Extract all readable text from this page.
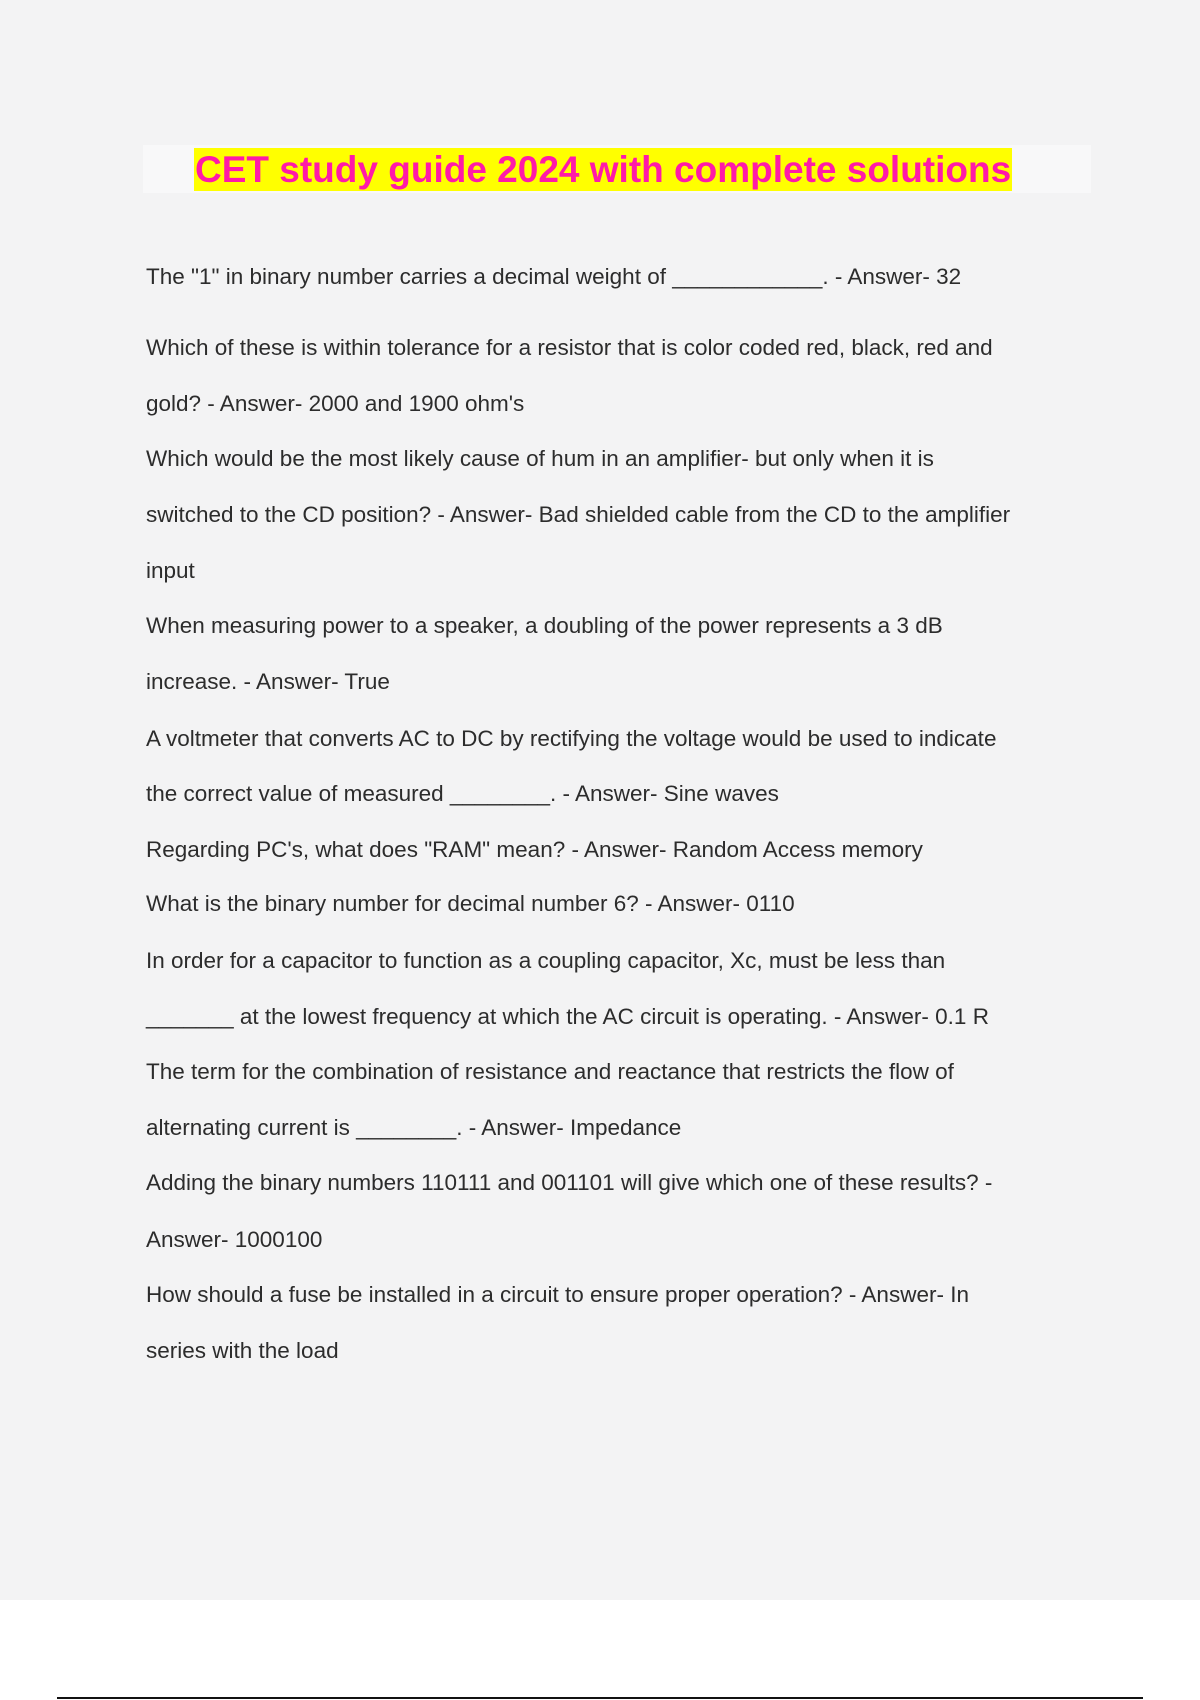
CET study guide 2024 with complete solutions

The "1" in binary number carries a decimal weight of ____________. - Answer- 32

Which of these is within tolerance for a resistor that is color coded red, black, red and

gold? - Answer- 2000 and 1900 ohm's

Which would be the most likely cause of hum in an amplifier- but only when it is

switched to the CD position? - Answer- Bad shielded cable from the CD to the amplifier

input

When measuring power to a speaker, a doubling of the power represents a 3 dB

increase. - Answer- True

A voltmeter that converts AC to DC by rectifying the voltage would be used to indicate

the correct value of measured ________. - Answer- Sine waves

Regarding PC's, what does "RAM" mean? - Answer- Random Access memory

What is the binary number for decimal number 6? - Answer- 0110

In order for a capacitor to function as a coupling capacitor, Xc, must be less than

_______ at the lowest frequency at which the AC circuit is operating. - Answer- 0.1 R

The term for the combination of resistance and reactance that restricts the flow of

alternating current is ________. - Answer- Impedance

Adding the binary numbers 110111 and 001101 will give which one of these results? -

Answer- 1000100

How should a fuse be installed in a circuit to ensure proper operation? - Answer- In

series with the load
